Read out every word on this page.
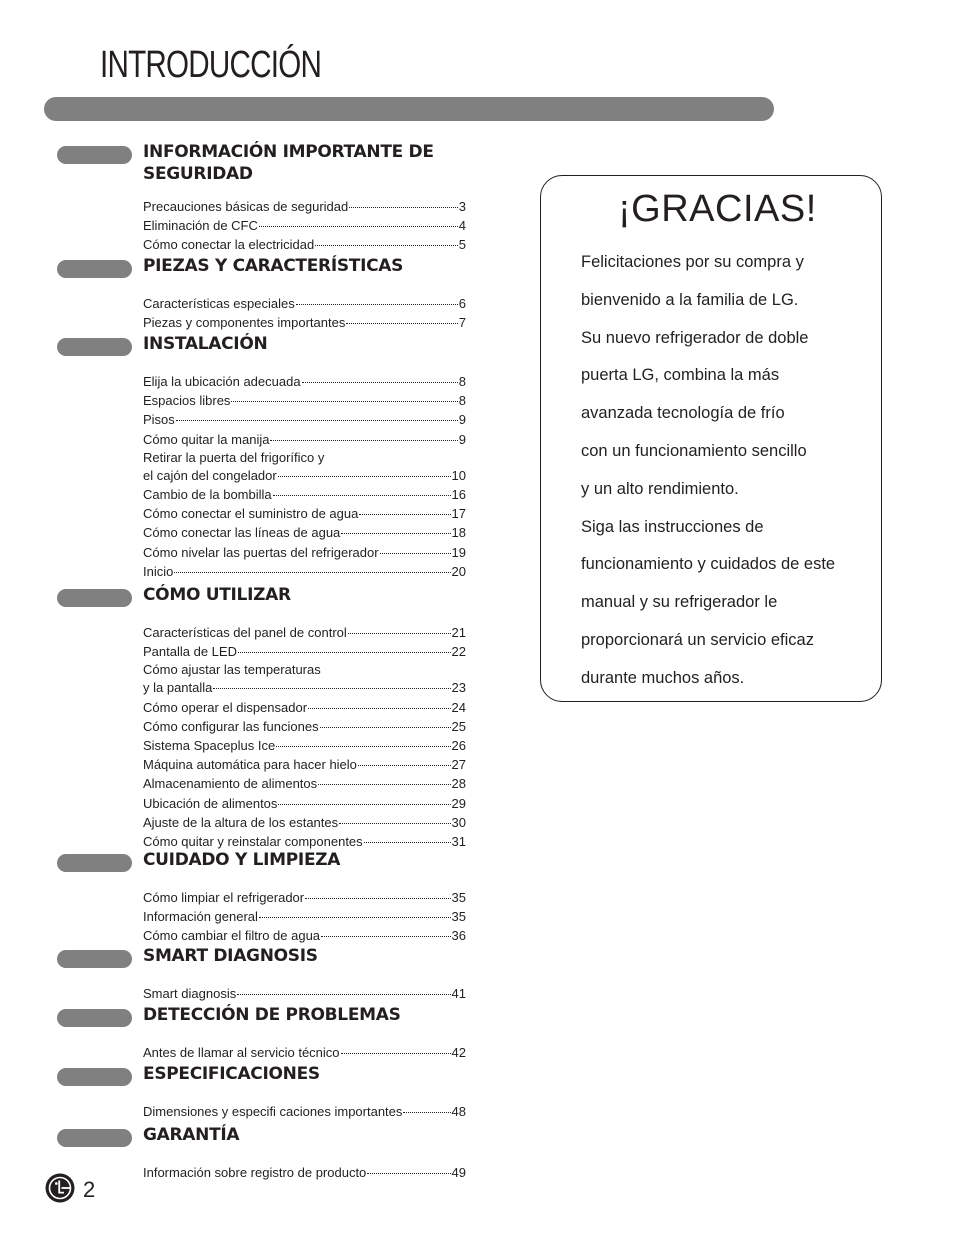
INTRODUCCIÓN
INFORMACIÓN IMPORTANTE DE SEGURIDAD
Precauciones básicas de seguridad	3
Eliminación de CFC	4
Cómo conectar la electricidad	5
PIEZAS Y CARACTERÍSTICAS
Características especiales	6
Piezas y componentes importantes	7
INSTALACIÓN
Elija la ubicación adecuada	8
Espacios libres	8
Pisos	9
Cómo quitar la manija	9
Retirar la puerta del frigorífico y
el cajón del congelador	10
Cambio de la bombilla	16
Cómo conectar el suministro de agua	17
Cómo conectar las líneas de agua	18
Cómo nivelar las puertas del refrigerador	19
Inicio	20
CÓMO UTILIZAR
Características del panel de control	21
Pantalla de LED	22
Cómo ajustar las temperaturas
y la pantalla	23
Cómo operar el dispensador	24
Cómo configurar las funciones	25
Sistema Spaceplus Ice	26
Máquina automática para hacer hielo	27
Almacenamiento de alimentos	28
Ubicación de alimentos	29
Ajuste de la altura de los estantes	30
Cómo quitar y reinstalar componentes	31
CUIDADO Y LIMPIEZA
Cómo limpiar el refrigerador	35
Información general	35
Cómo cambiar el filtro de agua	36
SMART DIAGNOSIS
Smart diagnosis	41
DETECCIÓN DE PROBLEMAS
Antes de llamar al servicio técnico	42
ESPECIFICACIONES
Dimensiones y especifi caciones importantes	48
GARANTÍA
Información sobre registro de producto	49
¡GRACIAS!
Felicitaciones por su compra y
bienvenido a la familia de LG.
Su nuevo refrigerador de doble
puerta LG, combina la más
avanzada tecnología de frío
con un funcionamiento sencillo
y un alto rendimiento.
Siga las instrucciones de
funcionamiento y cuidados de este
manual y su refrigerador le
proporcionará un servicio eficaz
durante muchos años.
2
